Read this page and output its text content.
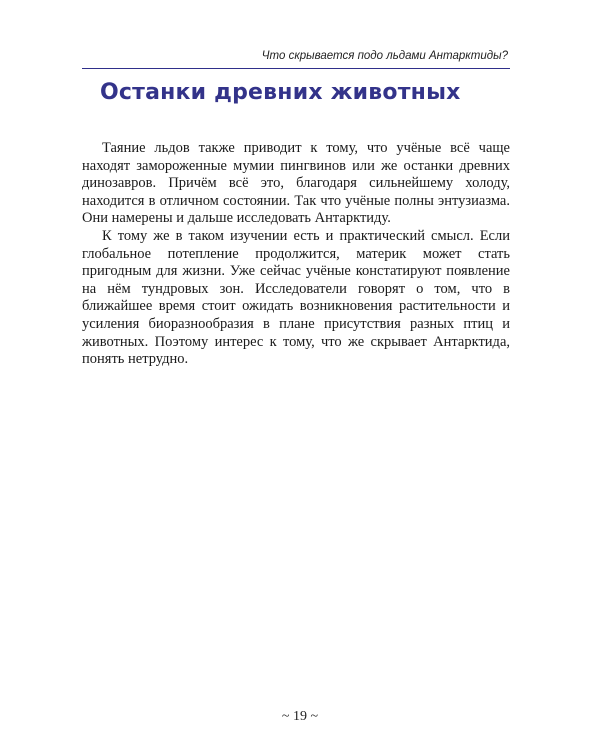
Что скрывается подо льдами Антарктиды?
Останки древних животных

Таяние льдов также приводит к тому, что учёные всё чаще находят замороженные мумии пингвинов или же останки древних динозавров. Причём всё это, благодаря сильнейшему холоду, находится в отличном состоянии. Так что учёные полны энтузиазма. Они намерены и дальше исследовать Антарктиду.

К тому же в таком изучении есть и практический смысл. Если глобальное потепление продолжится, материк может стать пригодным для жизни. Уже сейчас учёные констатируют появление на нём тундровых зон. Исследователи говорят о том, что в ближайшее время стоит ожидать возникновения растительности и усиления биоразнообразия в плане присутствия разных птиц и животных. Поэтому интерес к тому, что же скрывает Антарктида, понять нетрудно.

~ 19 ~
